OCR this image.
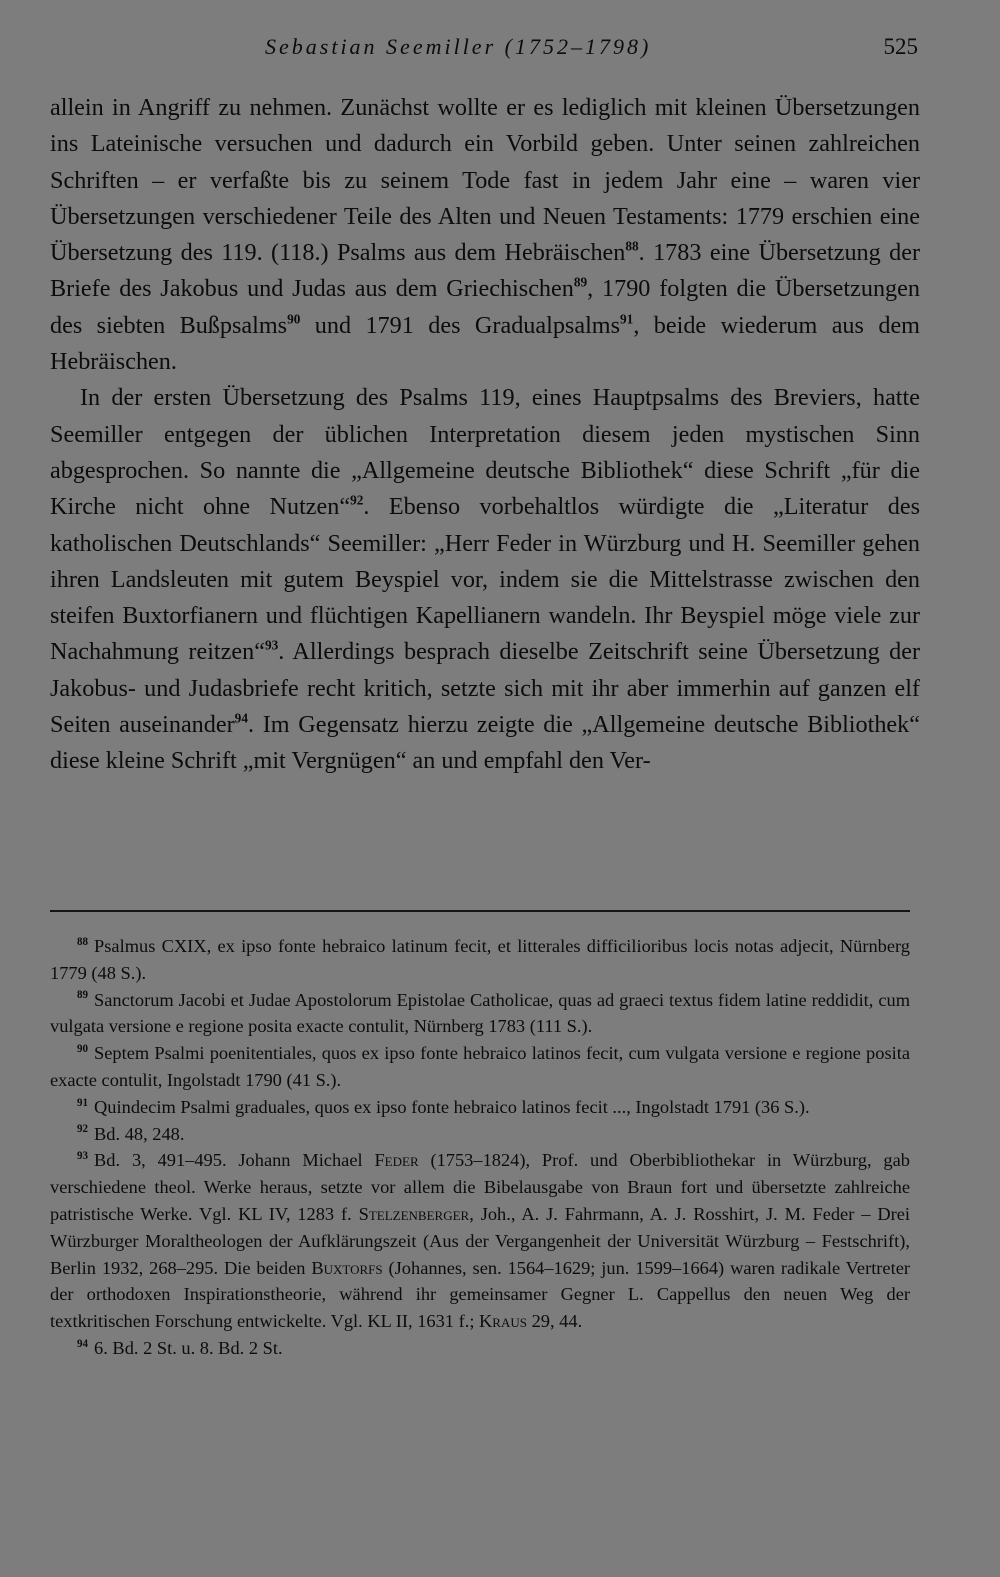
Sebastian Seemiller (1752–1798)	525

allein in Angriff zu nehmen. Zunächst wollte er es lediglich mit kleinen Übersetzungen ins Lateinische versuchen und dadurch ein Vorbild geben. Unter seinen zahlreichen Schriften – er verfaßte bis zu seinem Tode fast in jedem Jahr eine – waren vier Übersetzungen verschiedener Teile des Alten und Neuen Testaments: 1779 erschien eine Übersetzung des 119. (118.) Psalms aus dem Hebräischen$^{88}$. 1783 eine Übersetzung der Briefe des Jakobus und Judas aus dem Griechischen$^{89}$, 1790 folgten die Übersetzungen des siebten Bußpsalms$^{90}$ und 1791 des Gradualpsalms$^{91}$, beide wiederum aus dem Hebräischen.

In der ersten Übersetzung des Psalms 119, eines Hauptpsalms des Breviers, hatte Seemiller entgegen der üblichen Interpretation diesem jeden mystischen Sinn abgesprochen. So nannte die „Allgemeine deutsche Bibliothek“ diese Schrift „für die Kirche nicht ohne Nutzen“$^{92}$. Ebenso vorbehaltlos würdigte die „Literatur des katholischen Deutschlands“ Seemiller: „Herr Feder in Würzburg und H. Seemiller gehen ihren Landsleuten mit gutem Beyspiel vor, indem sie die Mittelstrasse zwischen den steifen Buxtorfianern und flüchtigen Kapellianern wandeln. Ihr Beyspiel möge viele zur Nachahmung reitzen“$^{93}$. Allerdings besprach dieselbe Zeitschrift seine Übersetzung der Jakobus- und Judasbriefe recht kritich, setzte sich mit ihr aber immerhin auf ganzen elf Seiten auseinander$^{94}$. Im Gegensatz hierzu zeigte die „Allgemeine deutsche Bibliothek“ diese kleine Schrift „mit Vergnügen“ an und empfahl den Ver-

$^{88}$ Psalmus CXIX, ex ipso fonte hebraico latinum fecit, et litterales difficilioribus locis notas adjecit, Nürnberg 1779 (48 S.).

$^{89}$ Sanctorum Jacobi et Judae Apostolorum Epistolae Catholicae, quas ad graeci textus fidem latine reddidit, cum vulgata versione e regione posita exacte contulit, Nürnberg 1783 (111 S.).

$^{90}$ Septem Psalmi poenitentiales, quos ex ipso fonte hebraico latinos fecit, cum vulgata versione e regione posita exacte contulit, Ingolstadt 1790 (41 S.).

$^{91}$ Quindecim Psalmi graduales, quos ex ipso fonte hebraico latinos fecit ..., Ingolstadt 1791 (36 S.).

$^{92}$ Bd. 48, 248.

$^{93}$ Bd. 3, 491–495. Johann Michael Feder (1753–1824), Prof. und Oberbibliothekar in Würzburg, gab verschiedene theol. Werke heraus, setzte vor allem die Bibelausgabe von Braun fort und übersetzte zahlreiche patristische Werke. Vgl. KL IV, 1283 f. Stelzenberger, Joh., A. J. Fahrmann, A. J. Rosshirt, J. M. Feder – Drei Würzburger Moraltheologen der Aufklärungszeit (Aus der Vergangenheit der Universität Würzburg – Festschrift), Berlin 1932, 268–295. Die beiden Buxtorfs (Johannes, sen. 1564–1629; jun. 1599–1664) waren radikale Vertreter der orthodoxen Inspirationstheorie, während ihr gemeinsamer Gegner L. Cappellus den neuen Weg der textkritischen Forschung entwickelte. Vgl. KL II, 1631 f.; Kraus 29, 44.

$^{94}$ 6. Bd. 2 St. u. 8. Bd. 2 St.
